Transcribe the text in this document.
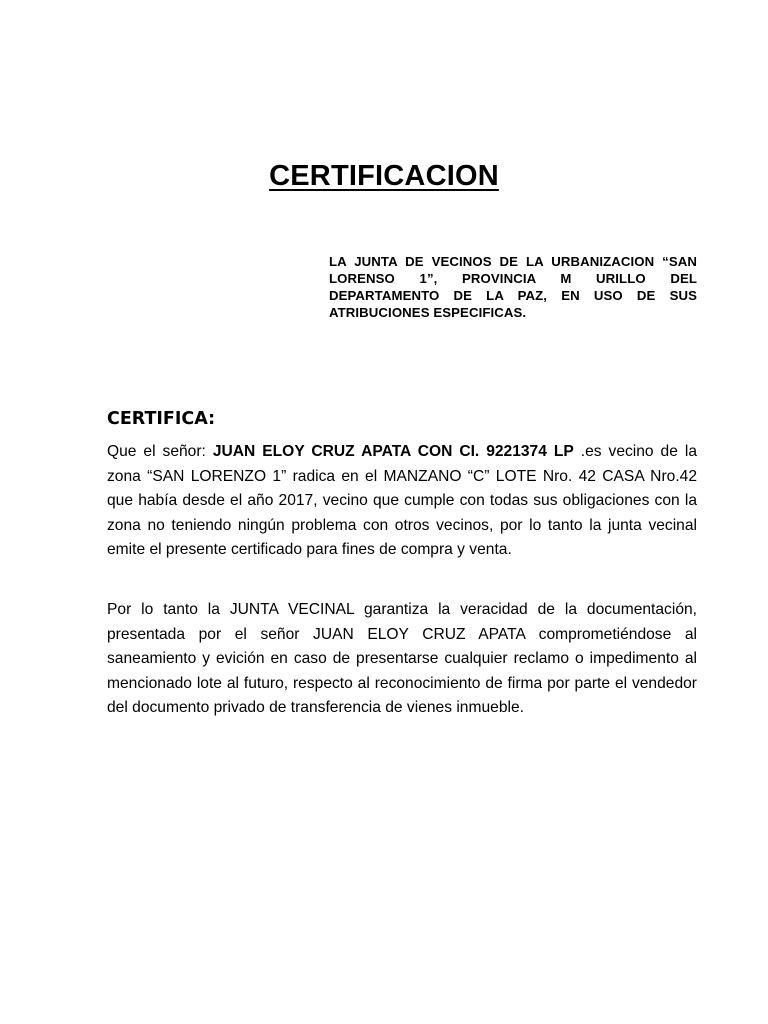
CERTIFICACION

LA JUNTA DE VECINOS DE LA URBANIZACION “SAN LORENSO 1”, PROVINCIA M URILLO DEL DEPARTAMENTO DE LA PAZ, EN USO DE SUS ATRIBUCIONES ESPECIFICAS.

CERTIFICA:

Que el señor: JUAN ELOY CRUZ APATA CON CI. 9221374 LP .es vecino de la zona “SAN LORENZO 1” radica en el MANZANO “C” LOTE Nro. 42 CASA Nro.42 que había desde el año 2017, vecino que cumple con todas sus obligaciones con la zona no teniendo ningún problema con otros vecinos, por lo tanto la junta vecinal emite el presente certificado para fines de compra y venta.

Por lo tanto la JUNTA VECINAL garantiza la veracidad de la documentación, presentada por el señor JUAN ELOY CRUZ APATA comprometiéndose al saneamiento y evición en caso de presentarse cualquier reclamo o impedimento al mencionado lote al futuro, respecto al reconocimiento de firma por parte el vendedor del documento privado de transferencia de vienes inmueble.
